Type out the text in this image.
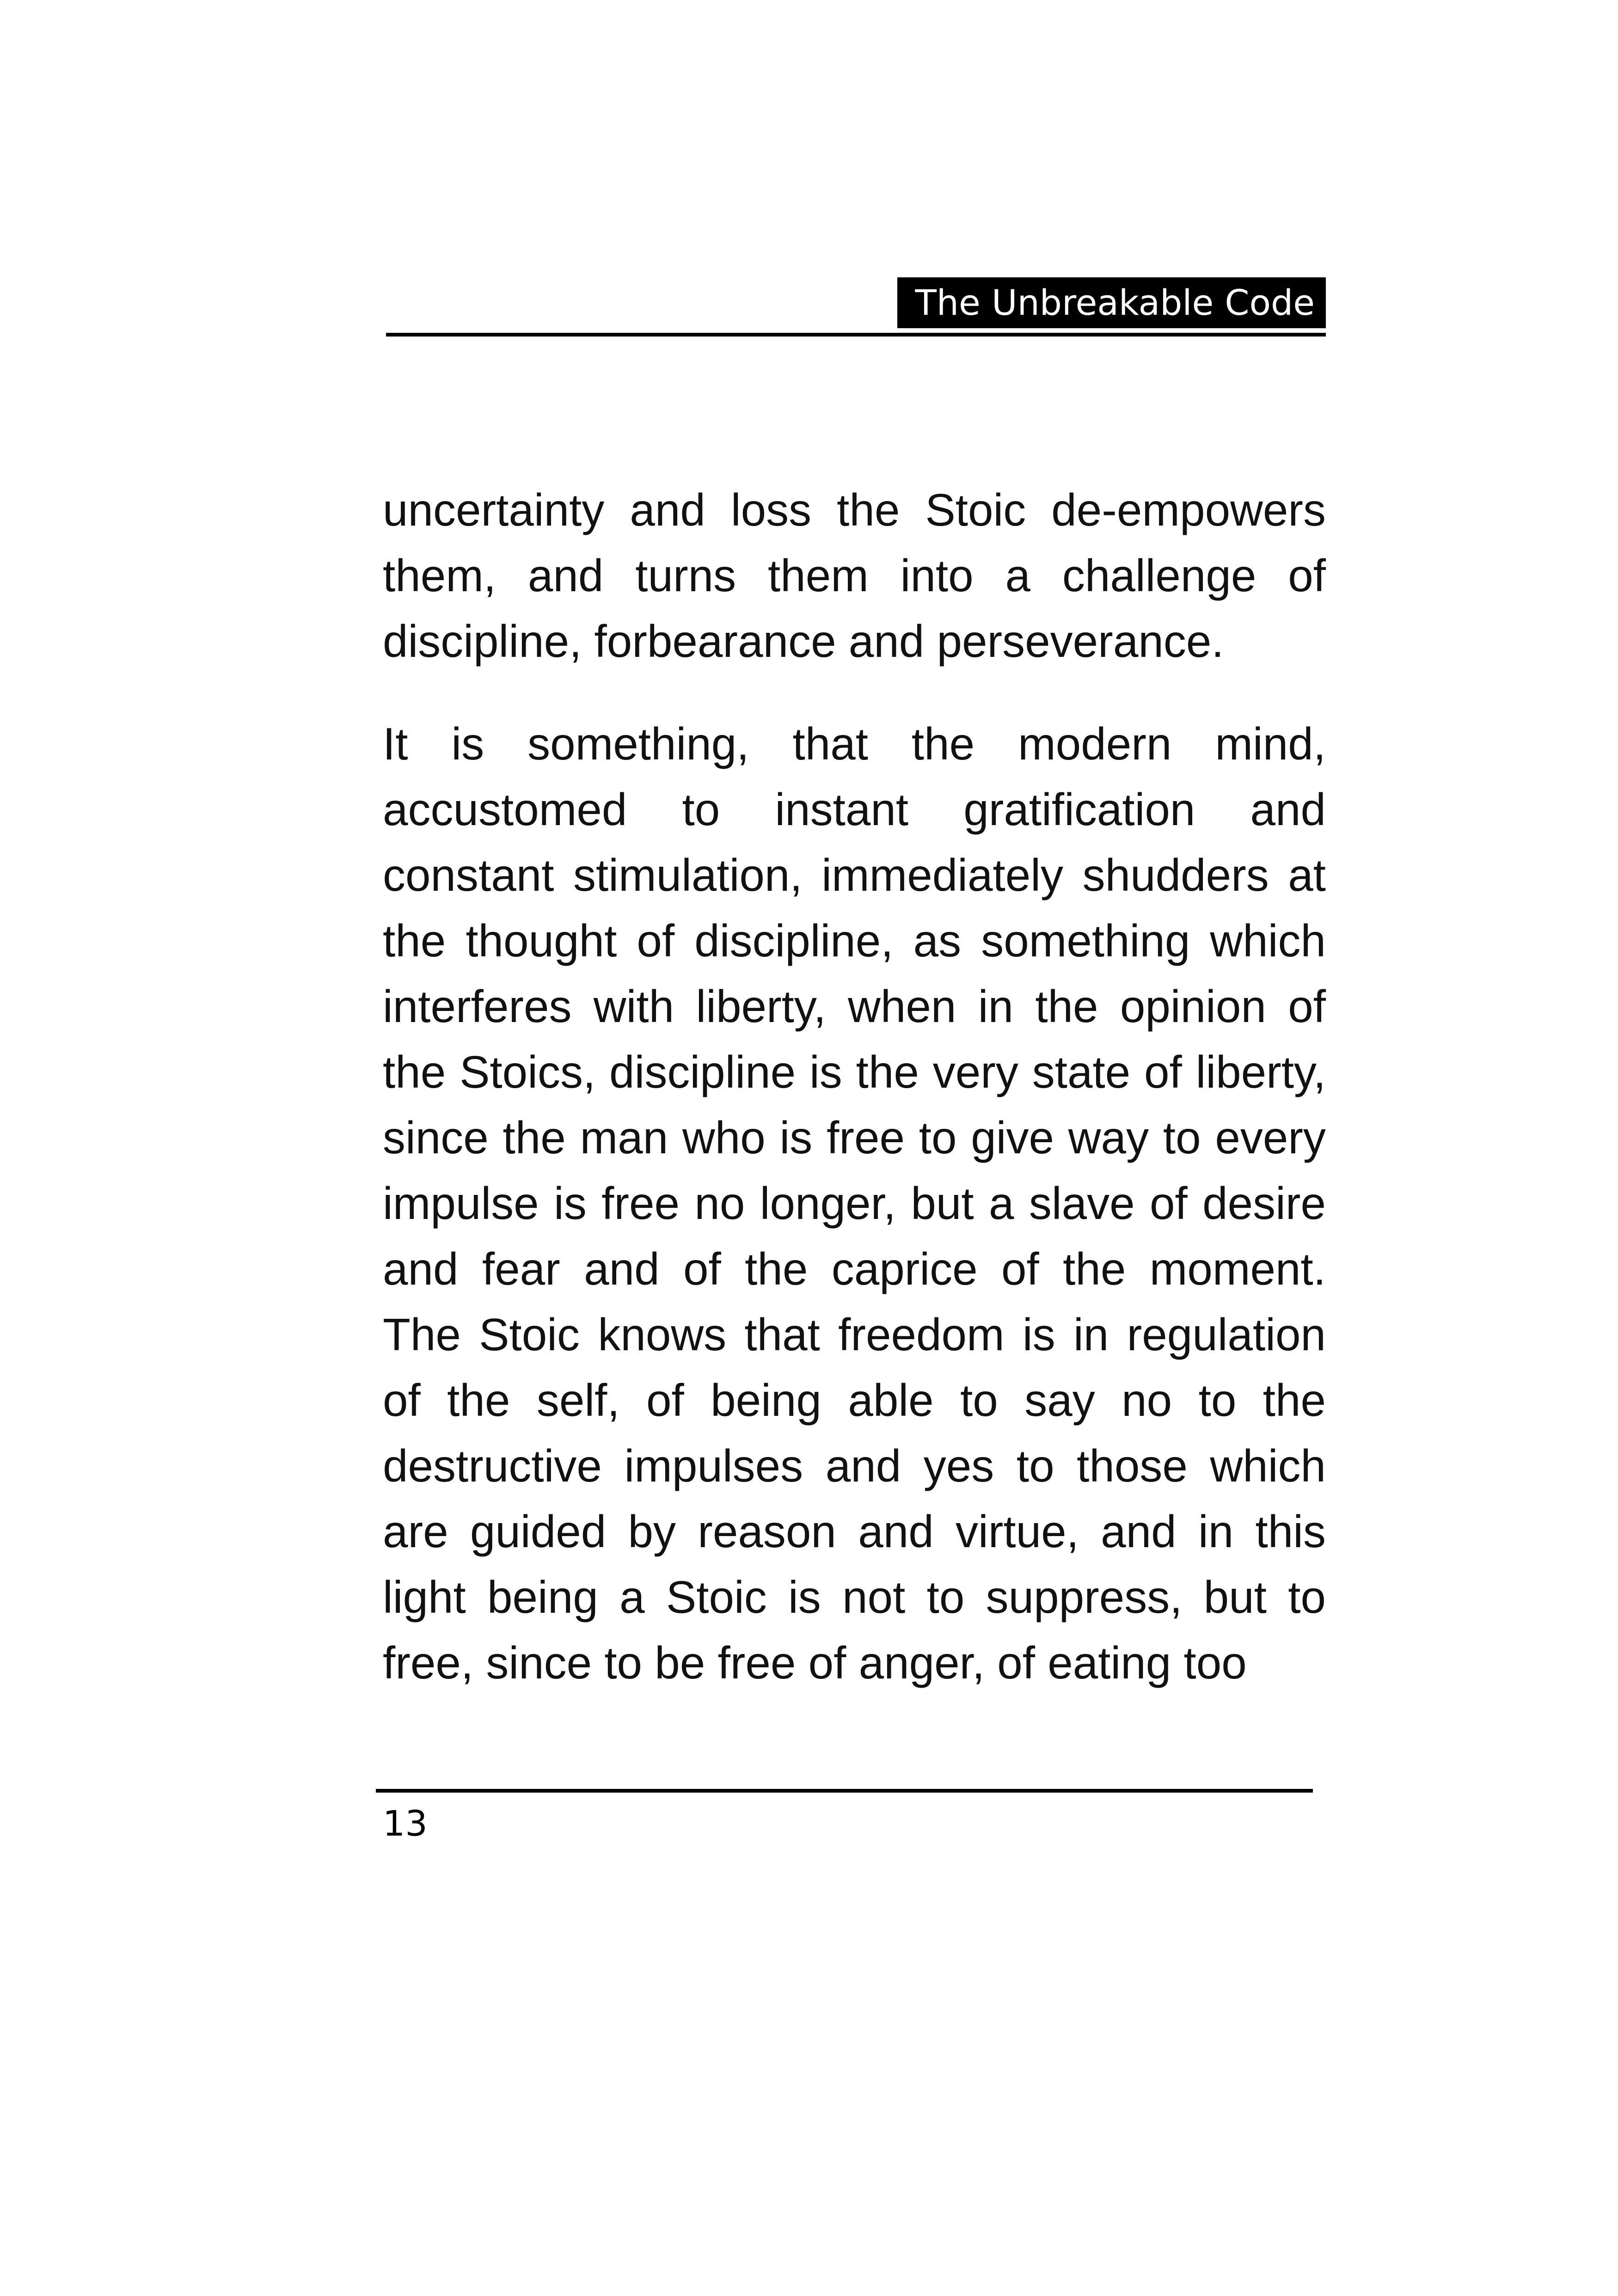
The Unbreakable Code

uncertainty and loss the Stoic de-empowers them, and turns them into a challenge of discipline, forbearance and perseverance.

It is something, that the modern mind, accustomed to instant gratification and constant stimulation, immediately shudders at the thought of discipline, as something which interferes with liberty, when in the opinion of the Stoics, discipline is the very state of liberty, since the man who is free to give way to every impulse is free no longer, but a slave of desire and fear and of the caprice of the moment. The Stoic knows that freedom is in regulation of the self, of being able to say no to the destructive impulses and yes to those which are guided by reason and virtue, and in this light being a Stoic is not to suppress, but to free, since to be free of anger, of eating too

13
